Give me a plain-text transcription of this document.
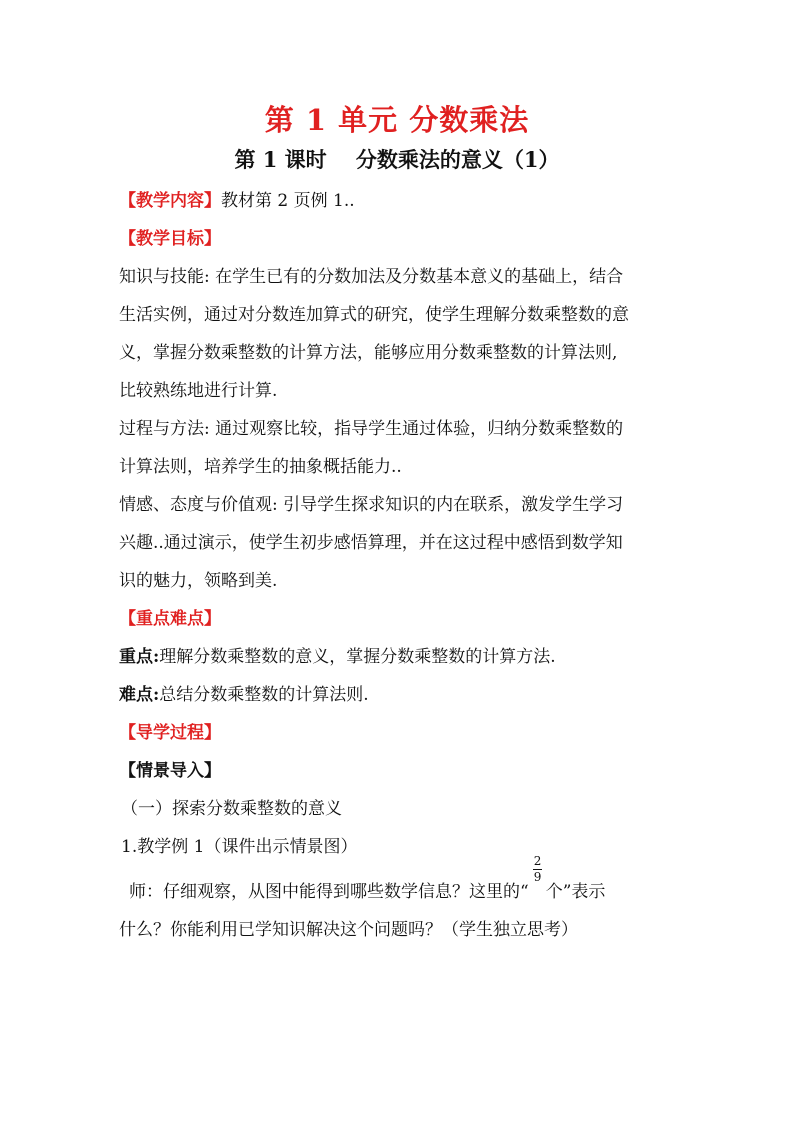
第 1 单元 分数乘法
第 1 课时    分数乘法的意义（1）
【教学内容】教材第 2 页例 1..
【教学目标】
知识与技能: 在学生已有的分数加法及分数基本意义的基础上，结合
生活实例，通过对分数连加算式的研究，使学生理解分数乘整数的意
义，掌握分数乘整数的计算方法，能够应用分数乘整数的计算法则,
比较熟练地进行计算.
过程与方法: 通过观察比较，指导学生通过体验，归纳分数乘整数的
计算法则，培养学生的抽象概括能力..
情感、态度与价值观: 引导学生探求知识的内在联系，激发学生学习
兴趣..通过演示，使学生初步感悟算理，并在这过程中感悟到数学知
识的魅力，领略到美.
【重点难点】
重点:理解分数乘整数的意义，掌握分数乘整数的计算方法.
难点:总结分数乘整数的计算法则.
【导学过程】
【情景导入】
（一）探索分数乘整数的意义
1.教学例 1（课件出示情景图）
师：仔细观察，从图中能得到哪些数学信息？这里的“
2
9
个”表示
什么？你能利用已学知识解决这个问题吗？（学生独立思考）
